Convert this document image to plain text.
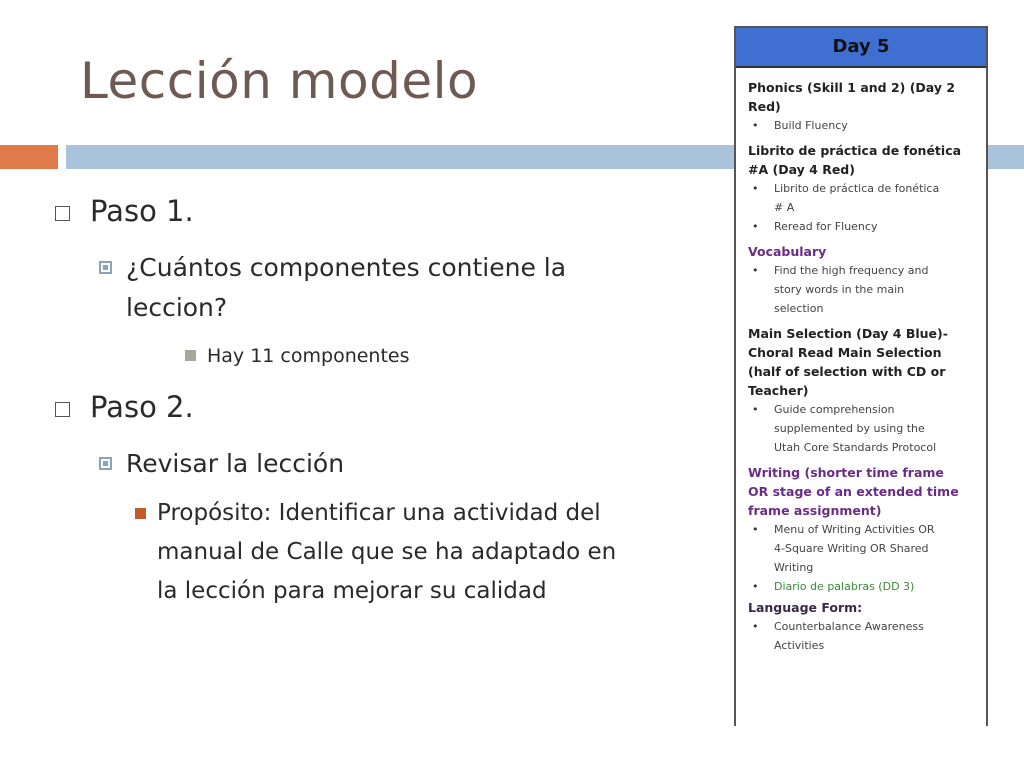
Lección modelo
Paso 1.
¿Cuántos componentes contiene la
leccion?
Hay 11 componentes
Paso 2.
Revisar la lección
Propósito: Identificar una actividad del
manual de Calle que se ha adaptado en
la lección para mejorar su calidad
Day 5
Phonics (Skill 1 and 2) (Day 2
Red)
• Build Fluency
Librito de práctica de fonética
#A (Day 4 Red)
• Librito de práctica de fonética
# A
• Reread for Fluency
Vocabulary
• Find the high frequency and
story words in the main
selection
Main Selection (Day 4 Blue)-
Choral Read Main Selection
(half of selection with CD or
Teacher)
• Guide comprehension
supplemented by using the
Utah Core Standards Protocol
Writing (shorter time frame
OR stage of an extended time
frame assignment)
• Menu of Writing Activities OR
4-Square Writing OR Shared
Writing
• Diario de palabras (DD 3)
Language Form:
• Counterbalance Awareness
Activities
